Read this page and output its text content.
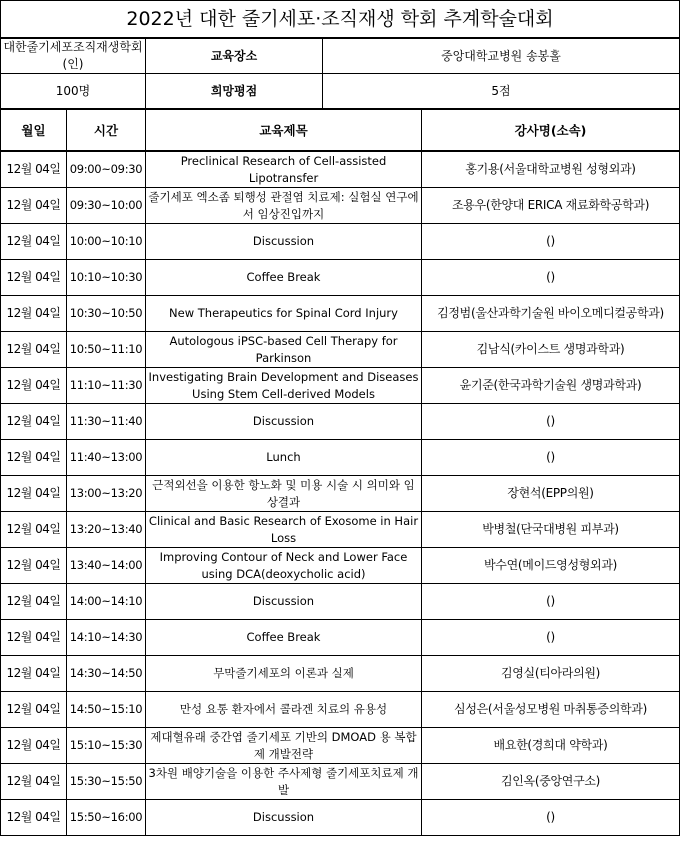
2022년 대한 줄기세포·조직재생 학회 추계학술대회				
대한줄기세포조직재생학회(인)		교육장소	중앙대학교병원 송봉홀	
100명		희망평점	5점	
월일	시간	교육제목		강사명(소속)
12월 04일	09:00~09:30	Preclinical Research of Cell-assisted Lipotransfer		홍기용(서울대학교병원 성형외과)
12월 04일	09:30~10:00	줄기세포 엑소좀 퇴행성 관절염 치료제: 실험실 연구에서 임상진입까지		조용우(한양대 ERICA 재료화학공학과)
12월 04일	10:00~10:10	Discussion		()
12월 04일	10:10~10:30	Coffee Break		()
12월 04일	10:30~10:50	New Therapeutics for Spinal Cord Injury		김정범(울산과학기술원 바이오메디컬공학과)
12월 04일	10:50~11:10	Autologous iPSC-based Cell Therapy for Parkinson		김남식(카이스트 생명과학과)
12월 04일	11:10~11:30	Investigating Brain Development and Diseases Using Stem Cell-derived Models		윤기준(한국과학기술원 생명과학과)
12월 04일	11:30~11:40	Discussion		()
12월 04일	11:40~13:00	Lunch		()
12월 04일	13:00~13:20	근적외선을 이용한 항노화 및 미용 시술 시 의미와 임상결과		장현석(EPP의원)
12월 04일	13:20~13:40	Clinical and Basic Research of Exosome in Hair Loss		박병철(단국대병원 피부과)
12월 04일	13:40~14:00	Improving Contour of Neck and Lower Face using DCA(deoxycholic acid)		박수연(메이드영성형외과)
12월 04일	14:00~14:10	Discussion		()
12월 04일	14:10~14:30	Coffee Break		()
12월 04일	14:30~14:50	무막줄기세포의 이론과 실제		김영실(티아라의원)
12월 04일	14:50~15:10	만성 요통 환자에서 콜라겐 치료의 유용성		심성은(서울성모병원 마취통증의학과)
12월 04일	15:10~15:30	제대혈유래 중간엽 줄기세포 기반의 DMOAD 용 복합제 개발전략		배요한(경희대 약학과)
12월 04일	15:30~15:50	3차원 배양기술을 이용한 주사제형 줄기세포치료제 개발		김인옥(중앙연구소)
12월 04일	15:50~16:00	Discussion		()
